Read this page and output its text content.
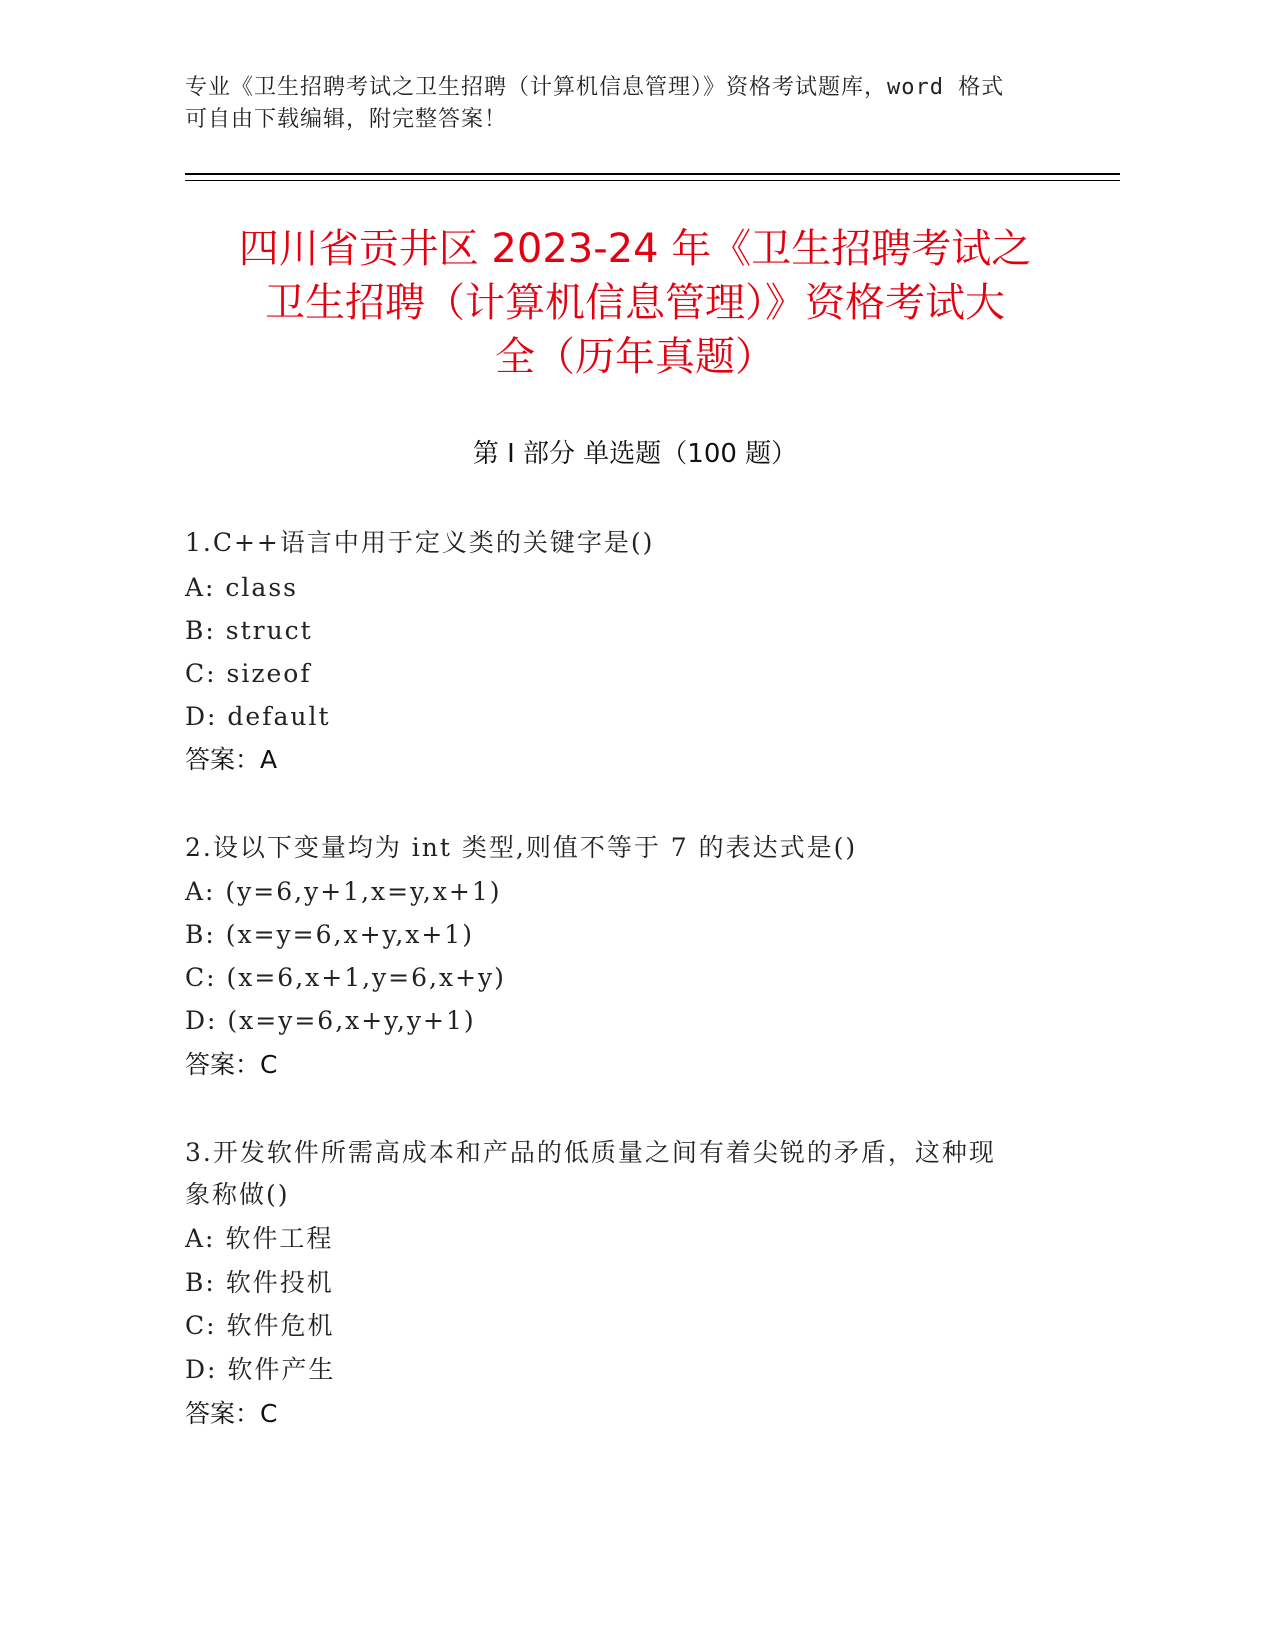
专业《卫生招聘考试之卫生招聘（计算机信息管理）》资格考试题库，word 格式
可自由下载编辑，附完整答案！
四川省贡井区 2023-24 年《卫生招聘考试之
卫生招聘（计算机信息管理）》资格考试大
全（历年真题）
第 I 部分 单选题（100 题）
1.C++语言中用于定义类的关键字是()
A: class
B: struct
C: sizeof
D: default
答案：A
2.设以下变量均为 int 类型,则值不等于 7 的表达式是()
A: (y=6,y+1,x=y,x+1)
B: (x=y=6,x+y,x+1)
C: (x=6,x+1,y=6,x+y)
D: (x=y=6,x+y,y+1)
答案：C
3.开发软件所需高成本和产品的低质量之间有着尖锐的矛盾，这种现
象称做()
A: 软件工程
B: 软件投机
C: 软件危机
D: 软件产生
答案：C
